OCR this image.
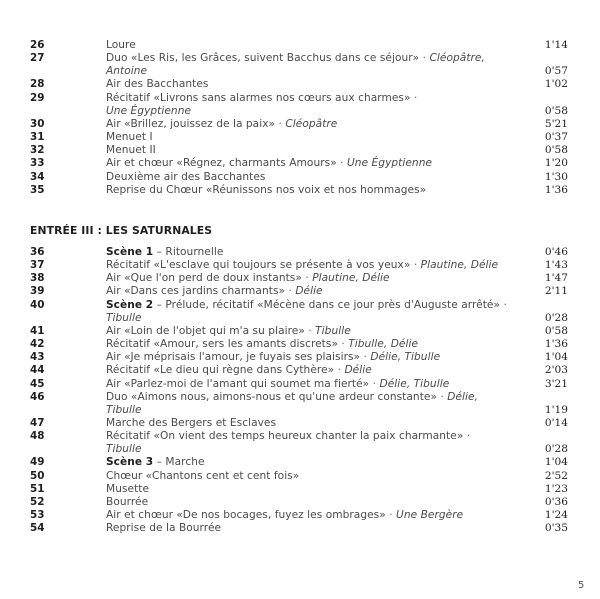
26	Loure	1'14
27	Duo «Les Ris, les Grâces, suivent Bacchus dans ce séjour» · Cléopâtre,
Antoine	0'57
28	Air des Bacchantes	1'02
29	Récitatif «Livrons sans alarmes nos cœurs aux charmes» ·
Une Égyptienne	0'58
30	Air «Brillez, jouissez de la paix» · Cléopâtre	5'21
31	Menuet I	0'37
32	Menuet II	0'58
33	Air et chœur «Régnez, charmants Amours» · Une Égyptienne	1'20
34	Deuxième air des Bacchantes	1'30
35	Reprise du Chœur «Réunissons nos voix et nos hommages»	1'36
36	Scène 1 – Ritournelle	0'46
37	Récitatif «L'esclave qui toujours se présente à vos yeux» · Plautine, Délie	1'43
38	Air «Que l'on perd de doux instants» · Plautine, Délie	1'47
39	Air «Dans ces jardins charmants» · Délie	2'11
40	Scène 2 – Prélude, récitatif «Mécène dans ce jour près d'Auguste arrêté» ·
Tibulle	0'28
41	Air «Loin de l'objet qui m'a su plaire» · Tibulle	0'58
42	Récitatif «Amour, sers les amants discrets» · Tibulle, Délie	1'36
43	Air «Je méprisais l'amour, je fuyais ses plaisirs» · Délie, Tibulle	1'04
44	Récitatif «Le dieu qui règne dans Cythère» · Délie	2'03
45	Air «Parlez-moi de l'amant qui soumet ma fierté» · Délie, Tibulle	3'21
46	Duo «Aimons nous, aimons-nous et qu'une ardeur constante» · Délie,
Tibulle	1'19
47	Marche des Bergers et Esclaves	0'14
48	Récitatif «On vient des temps heureux chanter la paix charmante» ·
Tibulle	0'28
49	Scène 3 – Marche	1'04
50	Chœur «Chantons cent et cent fois»	2'52
51	Musette	1'23
52	Bourrée	0'36
53	Air et chœur «De nos bocages, fuyez les ombrages» · Une Bergère	1'24
54	Reprise de la Bourrée	0'35
ENTRÉE III : LES SATURNALES
5
